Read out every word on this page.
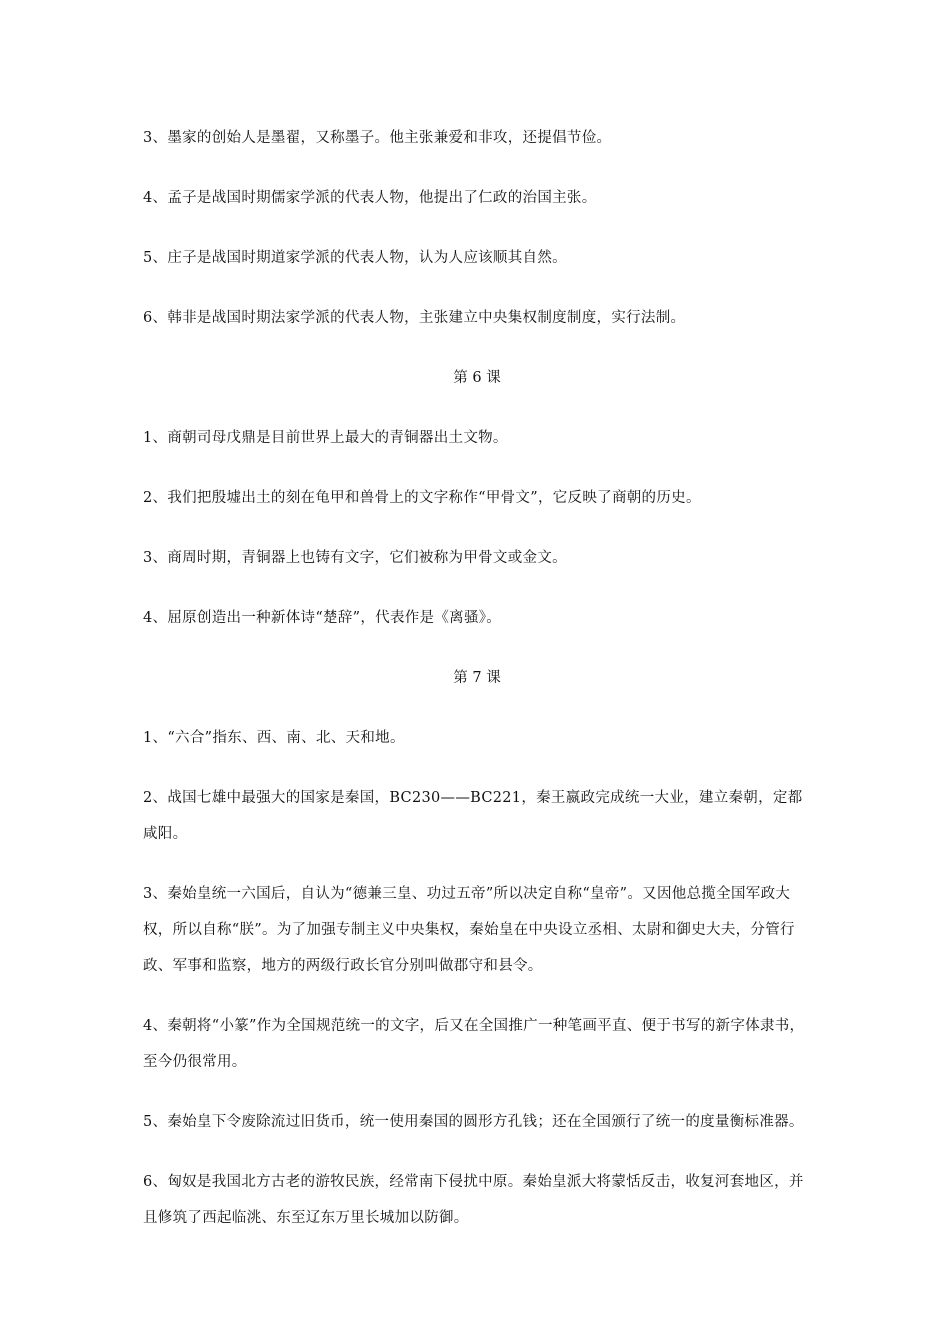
3、墨家的创始人是墨翟，又称墨子。他主张兼爱和非攻，还提倡节俭。

4、孟子是战国时期儒家学派的代表人物，他提出了仁政的治国主张。

5、庄子是战国时期道家学派的代表人物，认为人应该顺其自然。

6、韩非是战国时期法家学派的代表人物，主张建立中央集权制度制度，实行法制。

第 6 课

1、商朝司母戊鼎是目前世界上最大的青铜器出土文物。

2、我们把殷墟出土的刻在龟甲和兽骨上的文字称作“甲骨文”，它反映了商朝的历史。

3、商周时期，青铜器上也铸有文字，它们被称为甲骨文或金文。

4、屈原创造出一种新体诗“楚辞”，代表作是《离骚》。

第 7 课

1、“六合”指东、西、南、北、天和地。

2、战国七雄中最强大的国家是秦国，BC230——BC221，秦王嬴政完成统一大业，建立秦朝，定都咸阳。

3、秦始皇统一六国后，自认为“德兼三皇、功过五帝”所以决定自称“皇帝”。又因他总揽全国军政大权，所以自称“朕”。为了加强专制主义中央集权，秦始皇在中央设立丞相、太尉和御史大夫，分管行政、军事和监察，地方的两级行政长官分别叫做郡守和县令。

4、秦朝将“小篆”作为全国规范统一的文字，后又在全国推广一种笔画平直、便于书写的新字体隶书，至今仍很常用。

5、秦始皇下令废除流过旧货币，统一使用秦国的圆形方孔钱；还在全国颁行了统一的度量衡标准器。

6、匈奴是我国北方古老的游牧民族，经常南下侵扰中原。秦始皇派大将蒙恬反击，收复河套地区，并且修筑了西起临洮、东至辽东万里长城加以防御。
